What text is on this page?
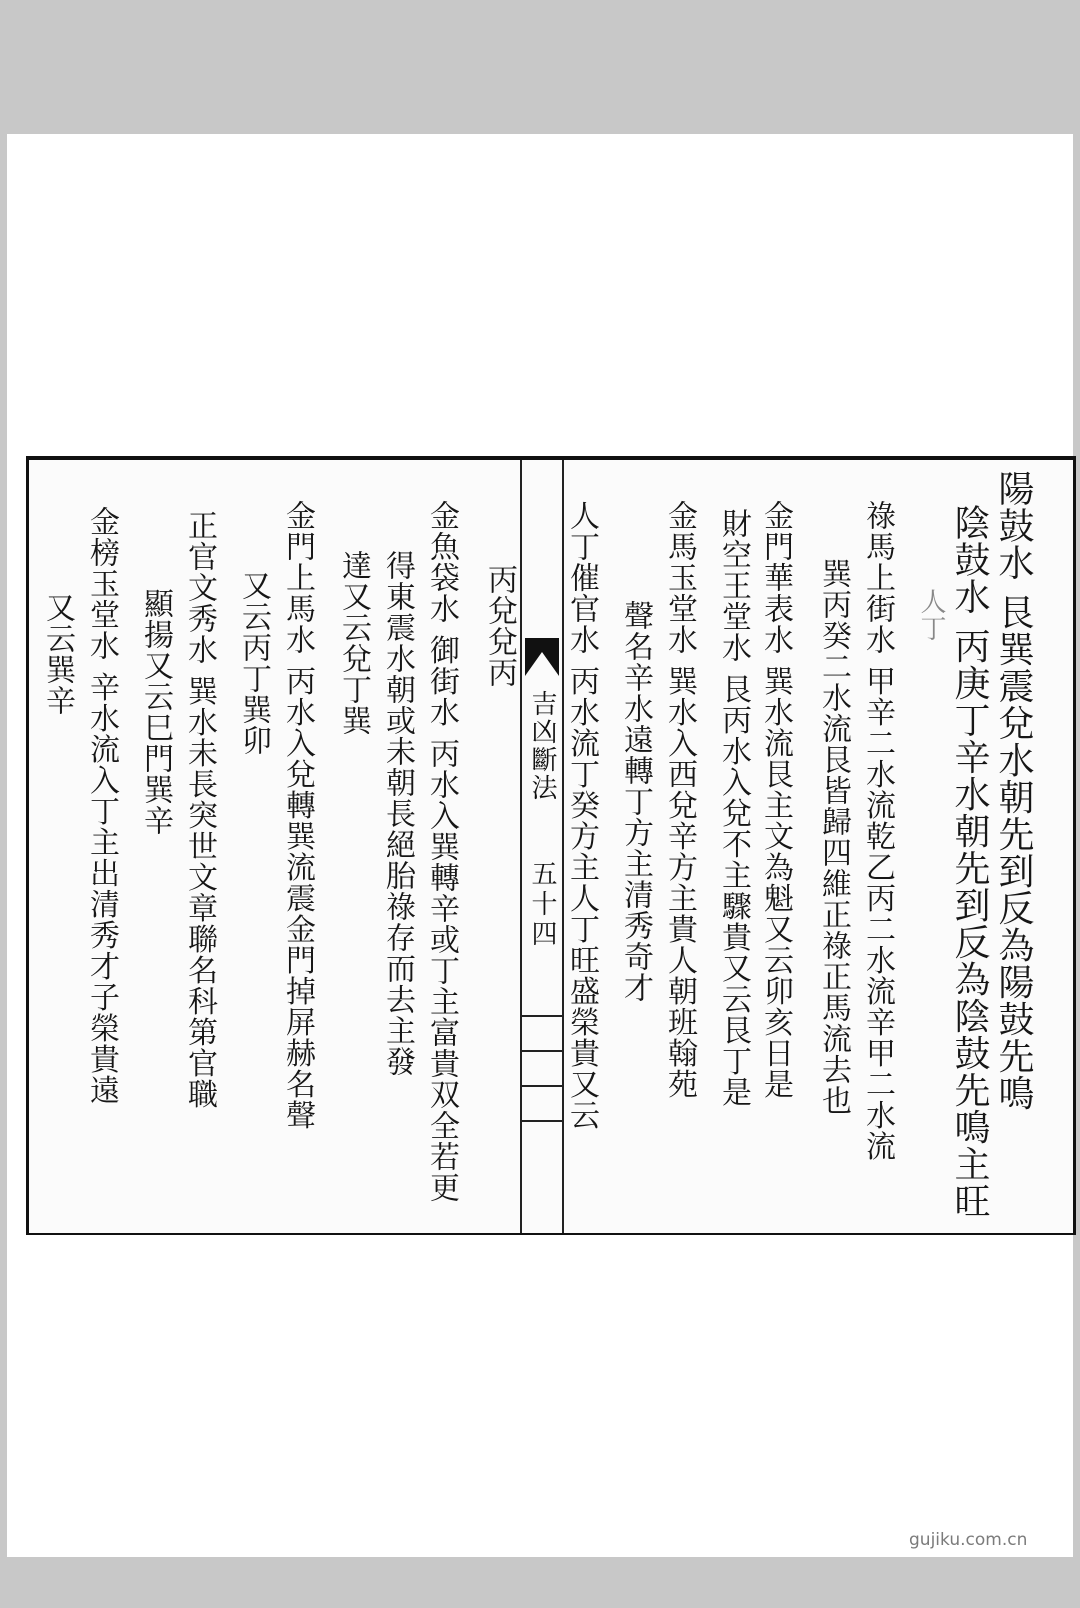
陽鼓水 艮巽震兌水朝先到反為陽鼓先鳴
陰鼓水 丙庚丁辛水朝先到反為陰鼓先鳴主旺
人丁
祿馬上街水 甲辛二水流乾乙丙二水流辛甲二水流
巽丙癸二水流艮皆歸四維正祿正馬流去也
金門華表水 巽水流艮主文為魁又云卯亥日是
財空王堂水 艮丙水入兌不主驟貴又云艮丁是
金馬玉堂水 巽水入西兌辛方主貴人朝班翰苑
聲名辛水遠轉丁方主清秀奇才
人丁催官水 丙水流丁癸方主人丁旺盛榮貴又云
吉凶斷法
五十四
丙兌兌丙
金魚袋水 御街水 丙水入巽轉辛或丁主富貴双全若更
得東震水朝或未朝長絕胎祿存而去主發
達又云兌丁巽
金門上馬水 丙水入兌轉巽流震金門掉屏赫名聲
又云丙丁巽卯
正官文秀水 巽水未長突世文章聯名科第官職
顯揚又云巳門巽辛
金榜玉堂水 辛水流入丁主出清秀才子榮貴遠
又云巽辛
gujiku.com.cn
